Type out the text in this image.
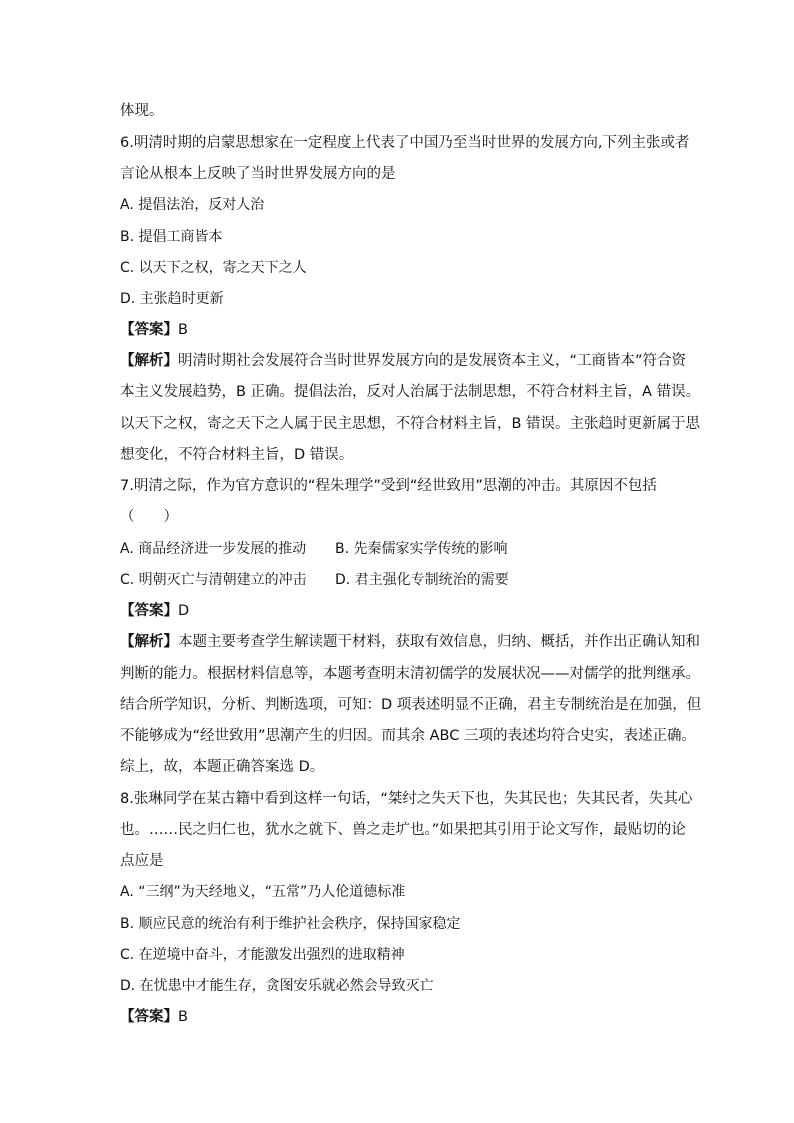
体现。
6.明清时期的启蒙思想家在一定程度上代表了中国乃至当时世界的发展方向,下列主张或者
言论从根本上反映了当时世界发展方向的是
A. 提倡法治，反对人治
B. 提倡工商皆本
C. 以天下之权，寄之天下之人
D. 主张趋时更新
【答案】B
【解析】明清时期社会发展符合当时世界发展方向的是发展资本主义，“工商皆本”符合资
本主义发展趋势，B 正确。提倡法治，反对人治属于法制思想，不符合材料主旨，A 错误。
以天下之权，寄之天下之人属于民主思想，不符合材料主旨，B 错误。主张趋时更新属于思
想变化，不符合材料主旨，D 错误。
7.明清之际，作为官方意识的“程朱理学”受到“经世致用”思潮的冲击。其原因不包括
（　　）
A. 商品经济进一步发展的推动 B. 先秦儒家实学传统的影响
C. 明朝灭亡与清朝建立的冲击 D. 君主强化专制统治的需要
【答案】D
【解析】本题主要考查学生解读题干材料，获取有效信息，归纳、概括，并作出正确认知和
判断的能力。根据材料信息等，本题考查明末清初儒学的发展状况——对儒学的批判继承。
结合所学知识，分析、判断选项，可知：D 项表述明显不正确，君主专制统治是在加强，但
不能够成为“经世致用”思潮产生的归因。而其余 ABC 三项的表述均符合史实，表述正确。
综上，故，本题正确答案选 D。
8.张琳同学在某古籍中看到这样一句话，“桀纣之失天下也，失其民也；失其民者，失其心
也。……民之归仁也，犹水之就下、兽之走圹也。”如果把其引用于论文写作，最贴切的论
点应是
A. “三纲”为天经地义，“五常”乃人伦道德标准
B. 顺应民意的统治有利于维护社会秩序，保持国家稳定
C. 在逆境中奋斗，才能激发出强烈的进取精神
D. 在忧患中才能生存，贪图安乐就必然会导致灭亡
【答案】B
